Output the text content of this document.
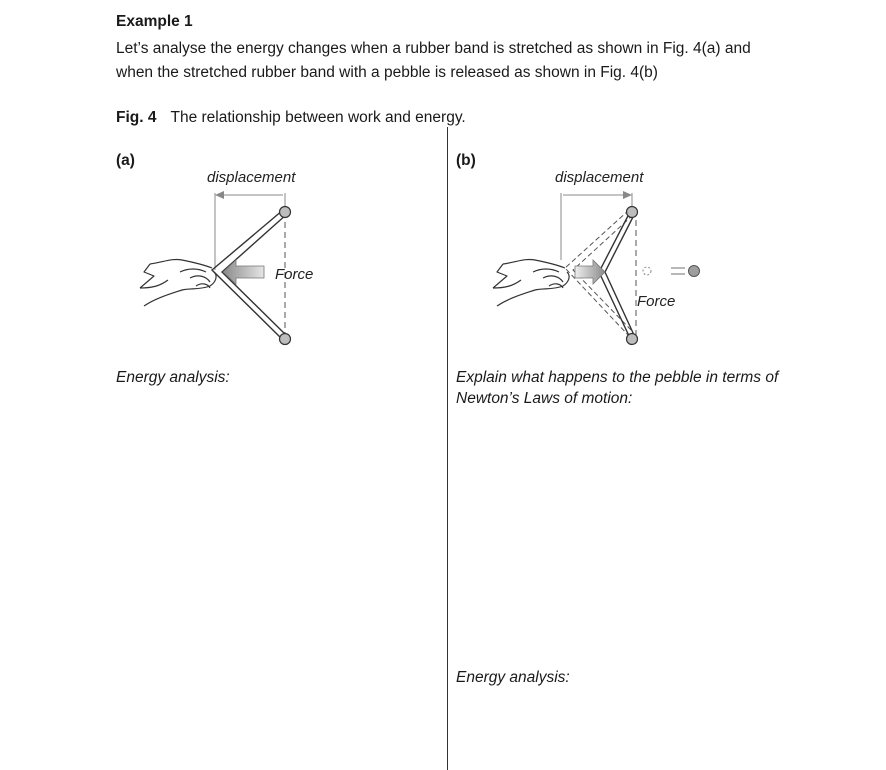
Example 1
Let’s analyse the energy changes when a rubber band is stretched as shown in Fig. 4(a) and
when the stretched rubber band with a pebble is released as shown in Fig. 4(b)
Fig. 4 The relationship between work and energy.
(a)
displacement
Force
Energy analysis:
(b)
displacement
Force
Explain what happens to the pebble in terms of
Newton’s Laws of motion:
Energy analysis:
